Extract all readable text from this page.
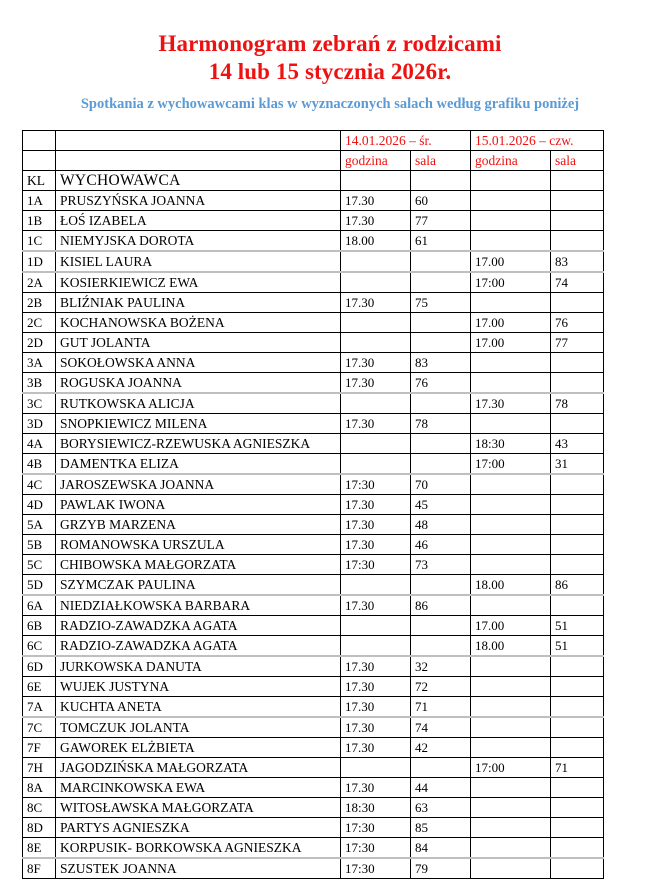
Harmonogram zebrań z rodzicami
14 lub 15 stycznia 2026r.
Spotkania z wychowawcami klas w wyznaczonych salach według grafiku poniżej
		14.01.2026 – śr.		15.01.2026 – czw.	
		godzina	sala	godzina	sala
KL	WYCHOWAWCA				
1A	PRUSZYŃSKA JOANNA	17.30	60		
1B	ŁOŚ IZABELA	17.30	77		
1C	NIEMYJSKA DOROTA	18.00	61		
1D	KISIEL LAURA			17.00	83
2A	KOSIERKIEWICZ EWA			17:00	74
2B	BLIŹNIAK PAULINA	17.30	75		
2C	KOCHANOWSKA BOŻENA			17.00	76
2D	GUT JOLANTA			17.00	77
3A	SOKOŁOWSKA ANNA	17.30	83		
3B	ROGUSKA JOANNA	17.30	76		
3C	RUTKOWSKA ALICJA			17.30	78
3D	SNOPKIEWICZ MILENA	17.30	78		
4A	BORYSIEWICZ-RZEWUSKA AGNIESZKA			18:30	43
4B	DAMENTKA ELIZA			17:00	31
4C	JAROSZEWSKA JOANNA	17:30	70		
4D	PAWLAK IWONA	17.30	45		
5A	GRZYB MARZENA	17.30	48		
5B	ROMANOWSKA URSZULA	17.30	46		
5C	CHIBOWSKA MAŁGORZATA	17:30	73		
5D	SZYMCZAK PAULINA			18.00	86
6A	NIEDZIAŁKOWSKA BARBARA	17.30	86		
6B	RADZIO-ZAWADZKA AGATA			17.00	51
6C	RADZIO-ZAWADZKA AGATA			18.00	51
6D	JURKOWSKA DANUTA	17.30	32		
6E	WUJEK JUSTYNA	17.30	72		
7A	KUCHTA ANETA	17.30	71		
7C	TOMCZUK JOLANTA	17.30	74		
7F	GAWOREK ELŻBIETA	17.30	42		
7H	JAGODZIŃSKA MAŁGORZATA			17:00	71
8A	MARCINKOWSKA EWA	17.30	44		
8C	WITOSŁAWSKA MAŁGORZATA	18:30	63		
8D	PARTYS AGNIESZKA	17:30	85		
8E	KORPUSIK- BORKOWSKA AGNIESZKA	17:30	84		
8F	SZUSTEK JOANNA	17:30	79		
